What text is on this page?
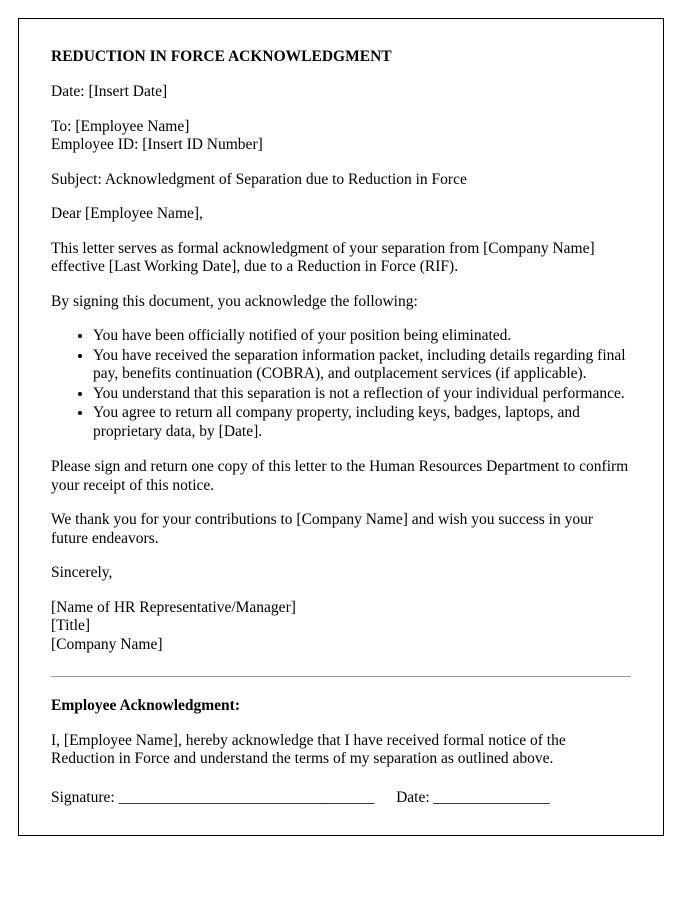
REDUCTION IN FORCE ACKNOWLEDGMENT

Date: [Insert Date]

To: [Employee Name]
Employee ID: [Insert ID Number]

Subject: Acknowledgment of Separation due to Reduction in Force

Dear [Employee Name],

This letter serves as formal acknowledgment of your separation from [Company Name] effective [Last Working Date], due to a Reduction in Force (RIF).

By signing this document, you acknowledge the following:

• You have been officially notified of your position being eliminated.
• You have received the separation information packet, including details regarding final pay, benefits continuation (COBRA), and outplacement services (if applicable).
• You understand that this separation is not a reflection of your individual performance.
• You agree to return all company property, including keys, badges, laptops, and proprietary data, by [Date].

Please sign and return one copy of this letter to the Human Resources Department to confirm your receipt of this notice.

We thank you for your contributions to [Company Name] and wish you success in your future endeavors.

Sincerely,

[Name of HR Representative/Manager]
[Title]
[Company Name]

Employee Acknowledgment:

I, [Employee Name], hereby acknowledge that I have received formal notice of the Reduction in Force and understand the terms of my separation as outlined above.

Signature: _________________________________ Date: _______________
